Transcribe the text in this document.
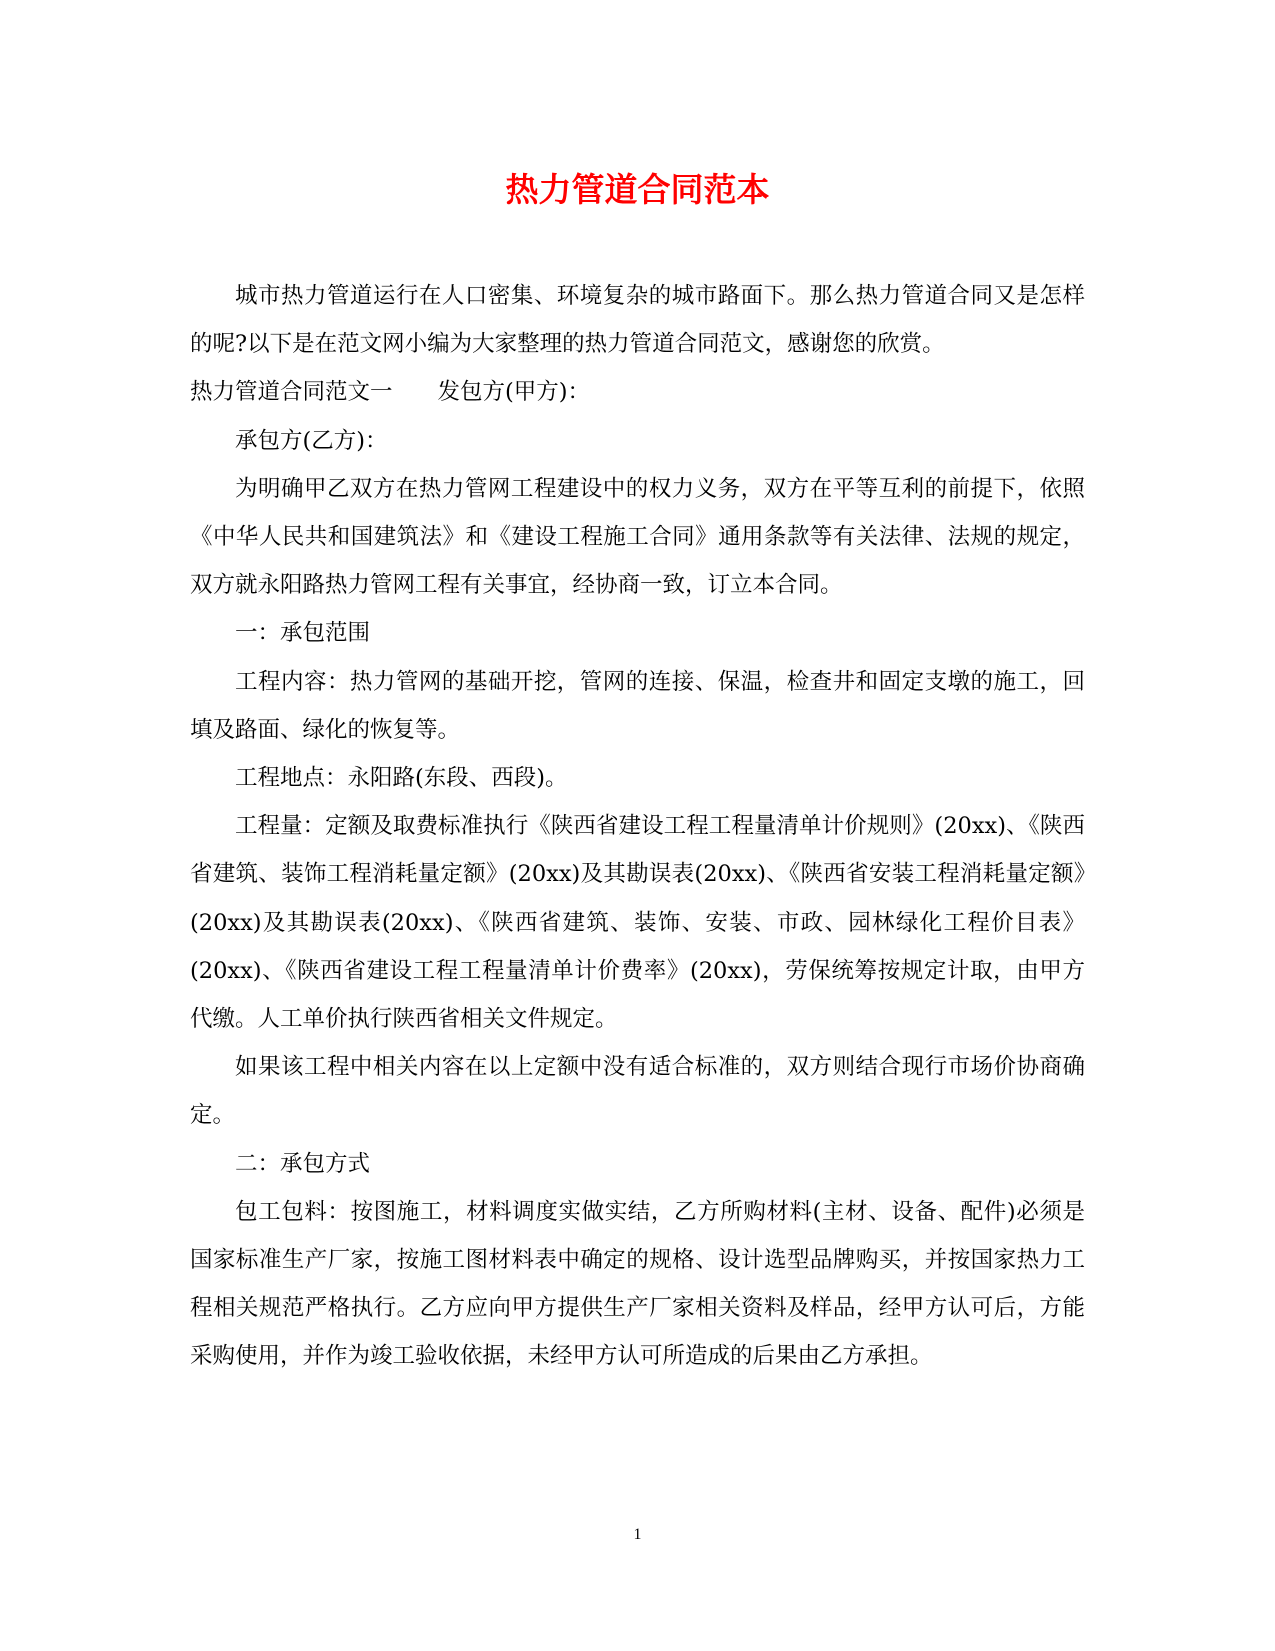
热力管道合同范本

城市热力管道运行在人口密集、环境复杂的城市路面下。那么热力管道合同又是怎样的呢?以下是在范文网小编为大家整理的热力管道合同范文，感谢您的欣赏。

热力管道合同范文一　　发包方(甲方)：

承包方(乙方)：

为明确甲乙双方在热力管网工程建设中的权力义务，双方在平等互利的前提下，依照《中华人民共和国建筑法》和《建设工程施工合同》通用条款等有关法律、法规的规定，双方就永阳路热力管网工程有关事宜，经协商一致，订立本合同。

一：承包范围

工程内容：热力管网的基础开挖，管网的连接、保温，检查井和固定支墩的施工，回填及路面、绿化的恢复等。

工程地点：永阳路(东段、西段)。

工程量：定额及取费标准执行《陕西省建设工程工程量清单计价规则》(20xx)、《陕西省建筑、装饰工程消耗量定额》(20xx)及其勘误表(20xx)、《陕西省安装工程消耗量定额》(20xx)及其勘误表(20xx)、《陕西省建筑、装饰、安装、市政、园林绿化工程价目表》(20xx)、《陕西省建设工程工程量清单计价费率》(20xx)，劳保统筹按规定计取，由甲方代缴。人工单价执行陕西省相关文件规定。

如果该工程中相关内容在以上定额中没有适合标准的，双方则结合现行市场价协商确定。

二：承包方式

包工包料：按图施工，材料调度实做实结，乙方所购材料(主材、设备、配件)必须是国家标准生产厂家，按施工图材料表中确定的规格、设计选型品牌购买，并按国家热力工程相关规范严格执行。乙方应向甲方提供生产厂家相关资料及样品，经甲方认可后，方能采购使用，并作为竣工验收依据，未经甲方认可所造成的后果由乙方承担。

1
